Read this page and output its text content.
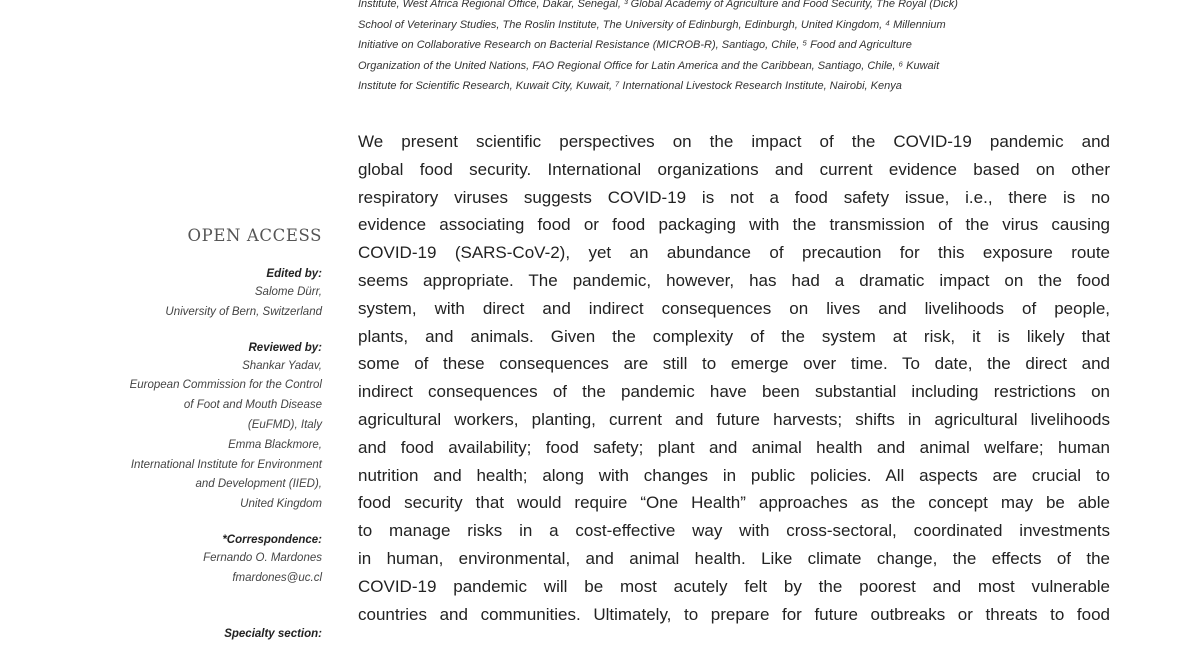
Institute, West Africa Regional Office, Dakar, Senegal, ³ Global Academy of Agriculture and Food Security, The Royal (Dick)
School of Veterinary Studies, The Roslin Institute, The University of Edinburgh, Edinburgh, United Kingdom, ⁴ Millennium
Initiative on Collaborative Research on Bacterial Resistance (MICROB-R), Santiago, Chile, ⁵ Food and Agriculture
Organization of the United Nations, FAO Regional Office for Latin America and the Caribbean, Santiago, Chile, ⁶ Kuwait
Institute for Scientific Research, Kuwait City, Kuwait, ⁷ International Livestock Research Institute, Nairobi, Kenya
We present scientific perspectives on the impact of the COVID-19 pandemic and
global food security. International organizations and current evidence based on other
respiratory viruses suggests COVID-19 is not a food safety issue, i.e., there is no
evidence associating food or food packaging with the transmission of the virus causing
COVID-19 (SARS-CoV-2), yet an abundance of precaution for this exposure route
seems appropriate. The pandemic, however, has had a dramatic impact on the food
system, with direct and indirect consequences on lives and livelihoods of people,
plants, and animals. Given the complexity of the system at risk, it is likely that
some of these consequences are still to emerge over time. To date, the direct and
indirect consequences of the pandemic have been substantial including restrictions on
agricultural workers, planting, current and future harvests; shifts in agricultural livelihoods
and food availability; food safety; plant and animal health and animal welfare; human
nutrition and health; along with changes in public policies. All aspects are crucial to
food security that would require “One Health” approaches as the concept may be able
to manage risks in a cost-effective way with cross-sectoral, coordinated investments
in human, environmental, and animal health. Like climate change, the effects of the
COVID-19 pandemic will be most acutely felt by the poorest and most vulnerable
countries and communities. Ultimately, to prepare for future outbreaks or threats to food
OPEN ACCESS
Edited by:
Salome Dürr,
University of Bern, Switzerland
Reviewed by:
Shankar Yadav,
European Commission for the Control
of Foot and Mouth Disease
(EuFMD), Italy
Emma Blackmore,
International Institute for Environment
and Development (IIED),
United Kingdom
*Correspondence:
Fernando O. Mardones
fmardones@uc.cl
Specialty section:
